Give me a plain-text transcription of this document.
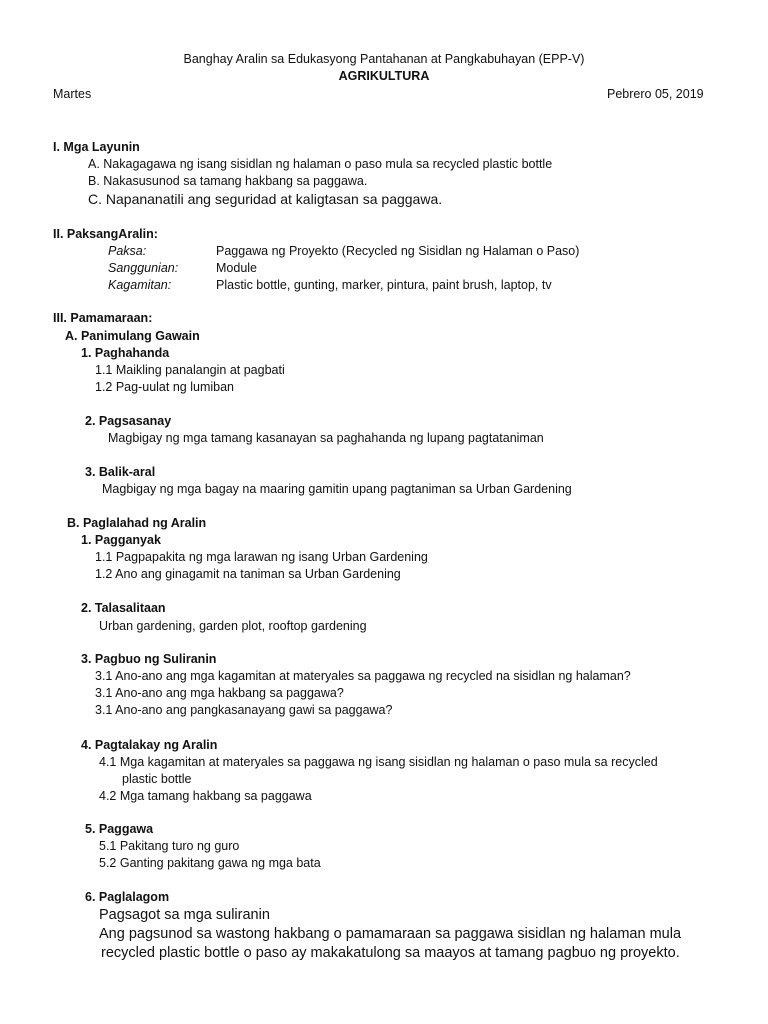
Banghay Aralin sa Edukasyong Pantahanan at Pangkabuhayan (EPP-V)
AGRIKULTURA
Martes	Pebrero 05, 2019
I. Mga Layunin
A. Nakagagawa ng isang sisidlan ng halaman o paso mula sa recycled plastic bottle
B. Nakasusunod sa tamang hakbang sa paggawa.
C. Napananatili ang seguridad at kaligtasan sa paggawa.
II. PaksangAralin:
Paksa:	Paggawa ng Proyekto (Recycled ng Sisidlan ng Halaman o Paso)
Sanggunian:	Module
Kagamitan:	Plastic bottle, gunting, marker, pintura, paint brush, laptop, tv
III. Pamamaraan:
A. Panimulang Gawain
1. Paghahanda
1.1 Maikling panalangin at pagbati
1.2 Pag-uulat ng lumiban
2. Pagsasanay
Magbigay ng mga tamang kasanayan sa paghahanda ng lupang pagtataniman
3. Balik-aral
Magbigay ng mga bagay na maaring gamitin upang pagtaniman sa Urban Gardening
B. Paglalahad ng Aralin
1. Pagganyak
1.1 Pagpapakita ng mga larawan ng isang Urban Gardening
1.2 Ano ang ginagamit na taniman sa Urban Gardening
2. Talasalitaan
Urban gardening, garden plot, rooftop gardening
3. Pagbuo ng Suliranin
3.1 Ano-ano ang mga kagamitan at materyales sa paggawa ng recycled na sisidlan ng halaman?
3.1 Ano-ano ang mga hakbang sa paggawa?
3.1 Ano-ano ang pangkasanayang gawi sa paggawa?
4. Pagtalakay ng Aralin
4.1 Mga kagamitan at materyales sa paggawa ng isang sisidlan ng halaman o paso mula sa recycled
plastic bottle
4.2 Mga tamang hakbang sa paggawa
5. Paggawa
5.1 Pakitang turo ng guro
5.2 Ganting pakitang gawa ng mga bata
6. Paglalagom
Pagsagot sa mga suliranin
Ang pagsunod sa wastong hakbang o pamamaraan sa paggawa sisidlan ng halaman mula
recycled plastic bottle o paso ay makakatulong sa maayos at tamang pagbuo ng proyekto.
